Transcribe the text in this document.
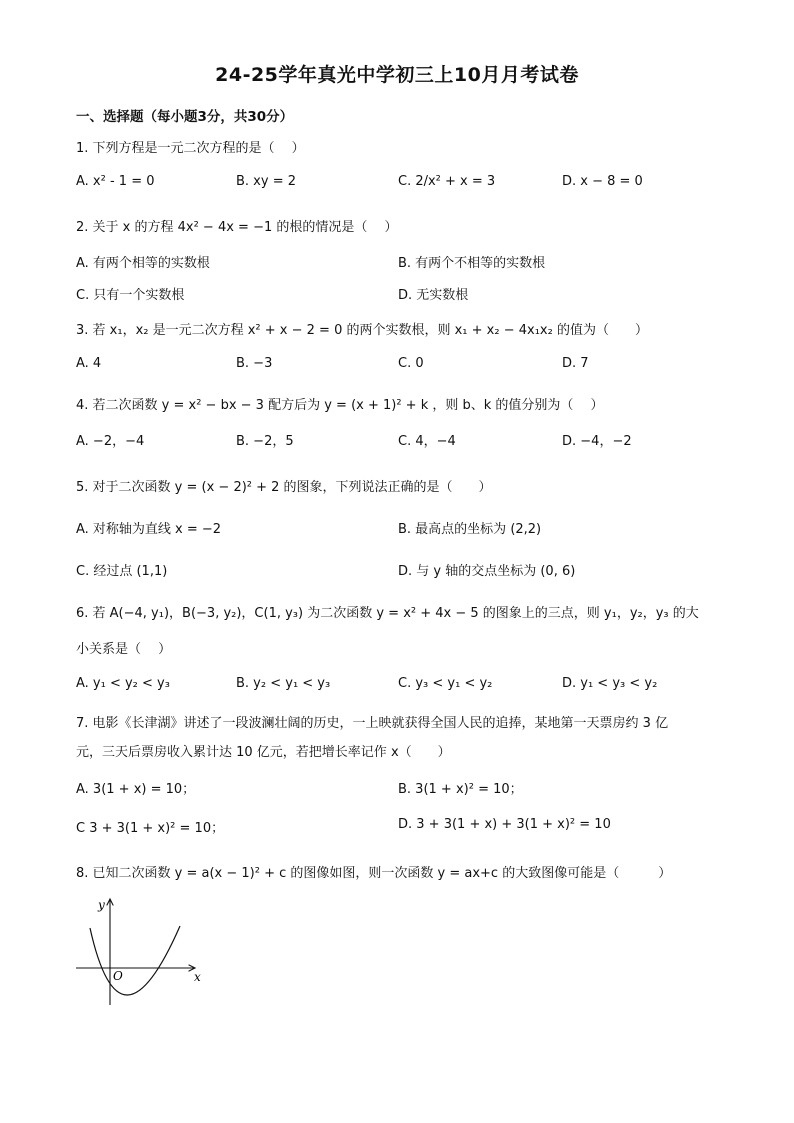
24-25学年真光中学初三上10月月考试卷
一、选择题（每小题3分，共30分）
1. 下列方程是一元二次方程的是（　 ）
A. x² - 1 = 0	B. xy = 2	C. 2/x² + x = 3	D. x − 8 = 0
2. 关于 x 的方程 4x² − 4x = −1 的根的情况是（　 ）
A. 有两个相等的实数根	B. 有两个不相等的实数根
C. 只有一个实数根	D. 无实数根
3. 若 x₁，x₂ 是一元二次方程 x² + x − 2 = 0 的两个实数根，则 x₁ + x₂ − 4x₁x₂ 的值为（　　）
A. 4	B. −3	C. 0	D. 7
4. 若二次函数 y = x² − bx − 3 配方后为 y = (x + 1)² + k ，则 b、k 的值分别为（　 ）
A. −2，−4	B. −2，5	C. 4，−4	D. −4，−2
5. 对于二次函数 y = (x − 2)² + 2 的图象，下列说法正确的是（　　）
A. 对称轴为直线 x = −2	B. 最高点的坐标为 (2,2)
C. 经过点 (1,1)	D. 与 y 轴的交点坐标为 (0, 6)
6. 若 A(−4, y₁)，B(−3, y₂)，C(1, y₃) 为二次函数 y = x² + 4x − 5 的图象上的三点，则 y₁，y₂，y₃ 的大
小关系是（　 ）
A. y₁ < y₂ < y₃	B. y₂ < y₁ < y₃	C. y₃ < y₁ < y₂	D. y₁ < y₃ < y₂
7. 电影《长津湖》讲述了一段波澜壮阔的历史，一上映就获得全国人民的追捧，某地第一天票房约 3 亿
元，三天后票房收入累计达 10 亿元，若把增长率记作 x（　　）
A. 3(1 + x) = 10；	B. 3(1 + x)² = 10；
C 3 + 3(1 + x)² = 10；	D. 3 + 3(1 + x) + 3(1 + x)² = 10
8. 已知二次函数 y = a(x − 1)² + c 的图像如图，则一次函数 y = ax+c 的大致图像可能是（　　　）
y
x
O
